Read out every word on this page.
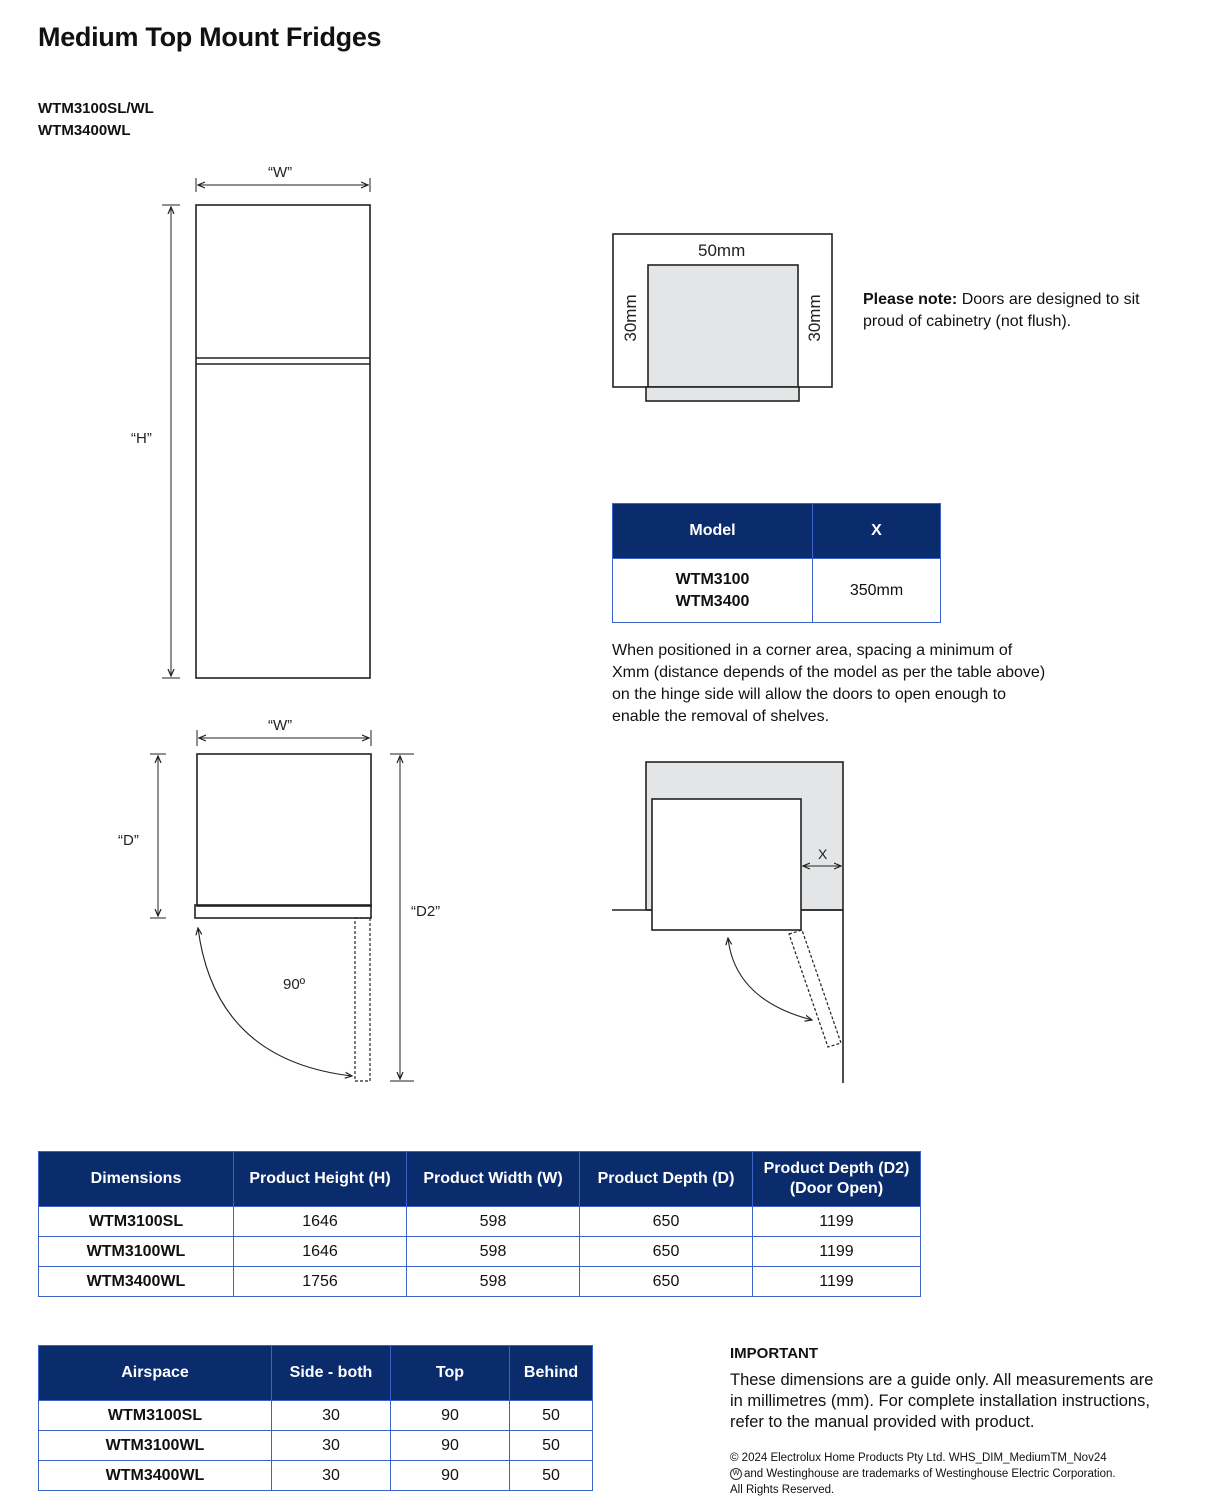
Medium Top Mount Fridges
WTM3100SL/WL
WTM3400WL
“W”
“H”
“W”
“D”
“D2”
90º
50mm
30mm	30mm
X
Please note: Doors are designed to sit proud of cabinetry (not flush).
Model	X

WTM3100
WTM3400	350mm
When positioned in a corner area, spacing a minimum of Xmm (distance depends of the model as per the table above) on the hinge side will allow the doors to open enough to enable the removal of shelves.
Dimensions	Product Height (H)	Product Width (W)	Product Depth (D)	Product Depth (D2) (Door Open)
WTM3100SL	1646	598	650	1199
WTM3100WL	1646	598	650	1199
WTM3400WL	1756	598	650	1199
Airspace	Side - both	Top	Behind
WTM3100SL	30	90	50
WTM3100WL	30	90	50
WTM3400WL	30	90	50
IMPORTANT
These dimensions are a guide only. All measurements are in millimetres (mm). For complete installation instructions, refer to the manual provided with product.
© 2024 Electrolux Home Products Pty Ltd. WHS_DIM_MediumTM_Nov24
W and Westinghouse are trademarks of Westinghouse Electric Corporation.
All Rights Reserved.
